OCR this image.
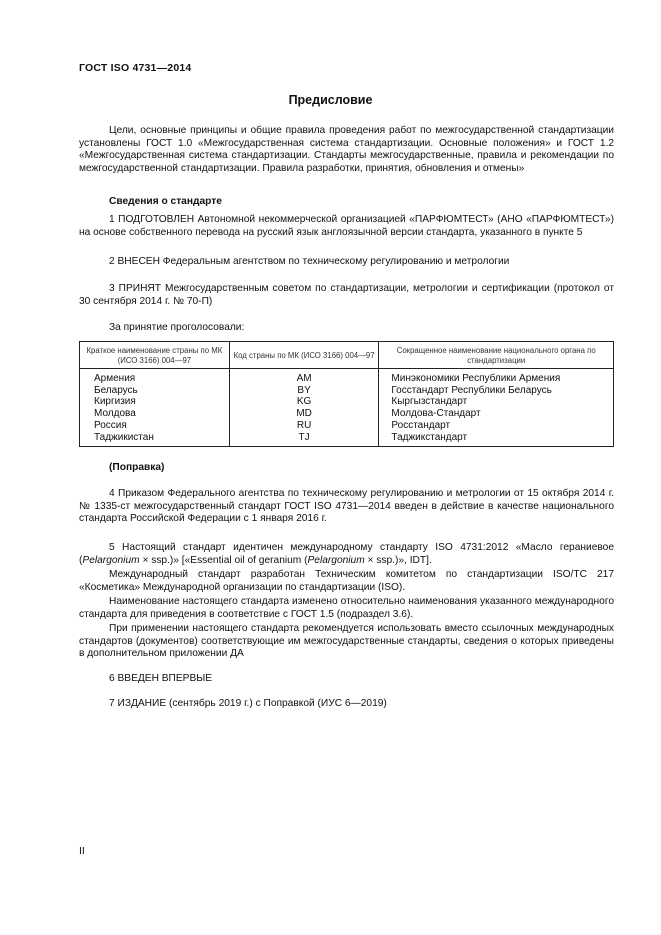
ГОСТ ISO 4731—2014
Предисловие
Цели, основные принципы и общие правила проведения работ по межгосударственной стандартизации установлены ГОСТ 1.0 «Межгосударственная система стандартизации. Основные положения» и ГОСТ 1.2 «Межгосударственная система стандартизации. Стандарты межгосударственные, правила и рекомендации по межгосударственной стандартизации. Правила разработки, принятия, обновления и отмены»
Сведения о стандарте
1 ПОДГОТОВЛЕН Автономной некоммерческой организацией «ПАРФЮМТЕСТ» (АНО «ПАРФЮМТЕСТ») на основе собственного перевода на русский язык англоязычной версии стандарта, указанного в пункте 5
2 ВНЕСЕН Федеральным агентством по техническому регулированию и метрологии
3 ПРИНЯТ Межгосударственным советом по стандартизации, метрологии и сертификации (протокол от 30 сентября 2014 г. № 70-П)
За принятие проголосовали:
Краткое наименование страны по МК (ИСО 3166) 004—97	Код страны по МК (ИСО 3166) 004—97	Сокращенное наименование национального органа по стандартизации
Армения	AM	Минэкономики Республики Армения
Беларусь	BY	Госстандарт Республики Беларусь
Киргизия	KG	Кыргызстандарт
Молдова	MD	Молдова-Стандарт
Россия	RU	Росстандарт
Таджикистан	TJ	Таджикстандарт
(Поправка)
4 Приказом Федерального агентства по техническому регулированию и метрологии от 15 октября 2014 г. № 1335-ст межгосударственный стандарт ГОСТ ISO 4731—2014 введен в действие в качестве национального стандарта Российской Федерации с 1 января 2016 г.
5 Настоящий стандарт идентичен международному стандарту ISO 4731:2012 «Масло гераниевое (Pelargonium × ssp.)» [«Essential oil of geranium (Pelargonium × ssp.)», IDT].
Международный стандарт разработан Техническим комитетом по стандартизации ISO/TC 217 «Косметика» Международной организации по стандартизации (ISO).
Наименование настоящего стандарта изменено относительно наименования указанного международного стандарта для приведения в соответствие с ГОСТ 1.5 (подраздел 3.6).
При применении настоящего стандарта рекомендуется использовать вместо ссылочных международных стандартов (документов) соответствующие им межгосударственные стандарты, сведения о которых приведены в дополнительном приложении ДА
6 ВВЕДЕН ВПЕРВЫЕ
7 ИЗДАНИЕ (сентябрь 2019 г.) с Поправкой (ИУС 6—2019)
II
